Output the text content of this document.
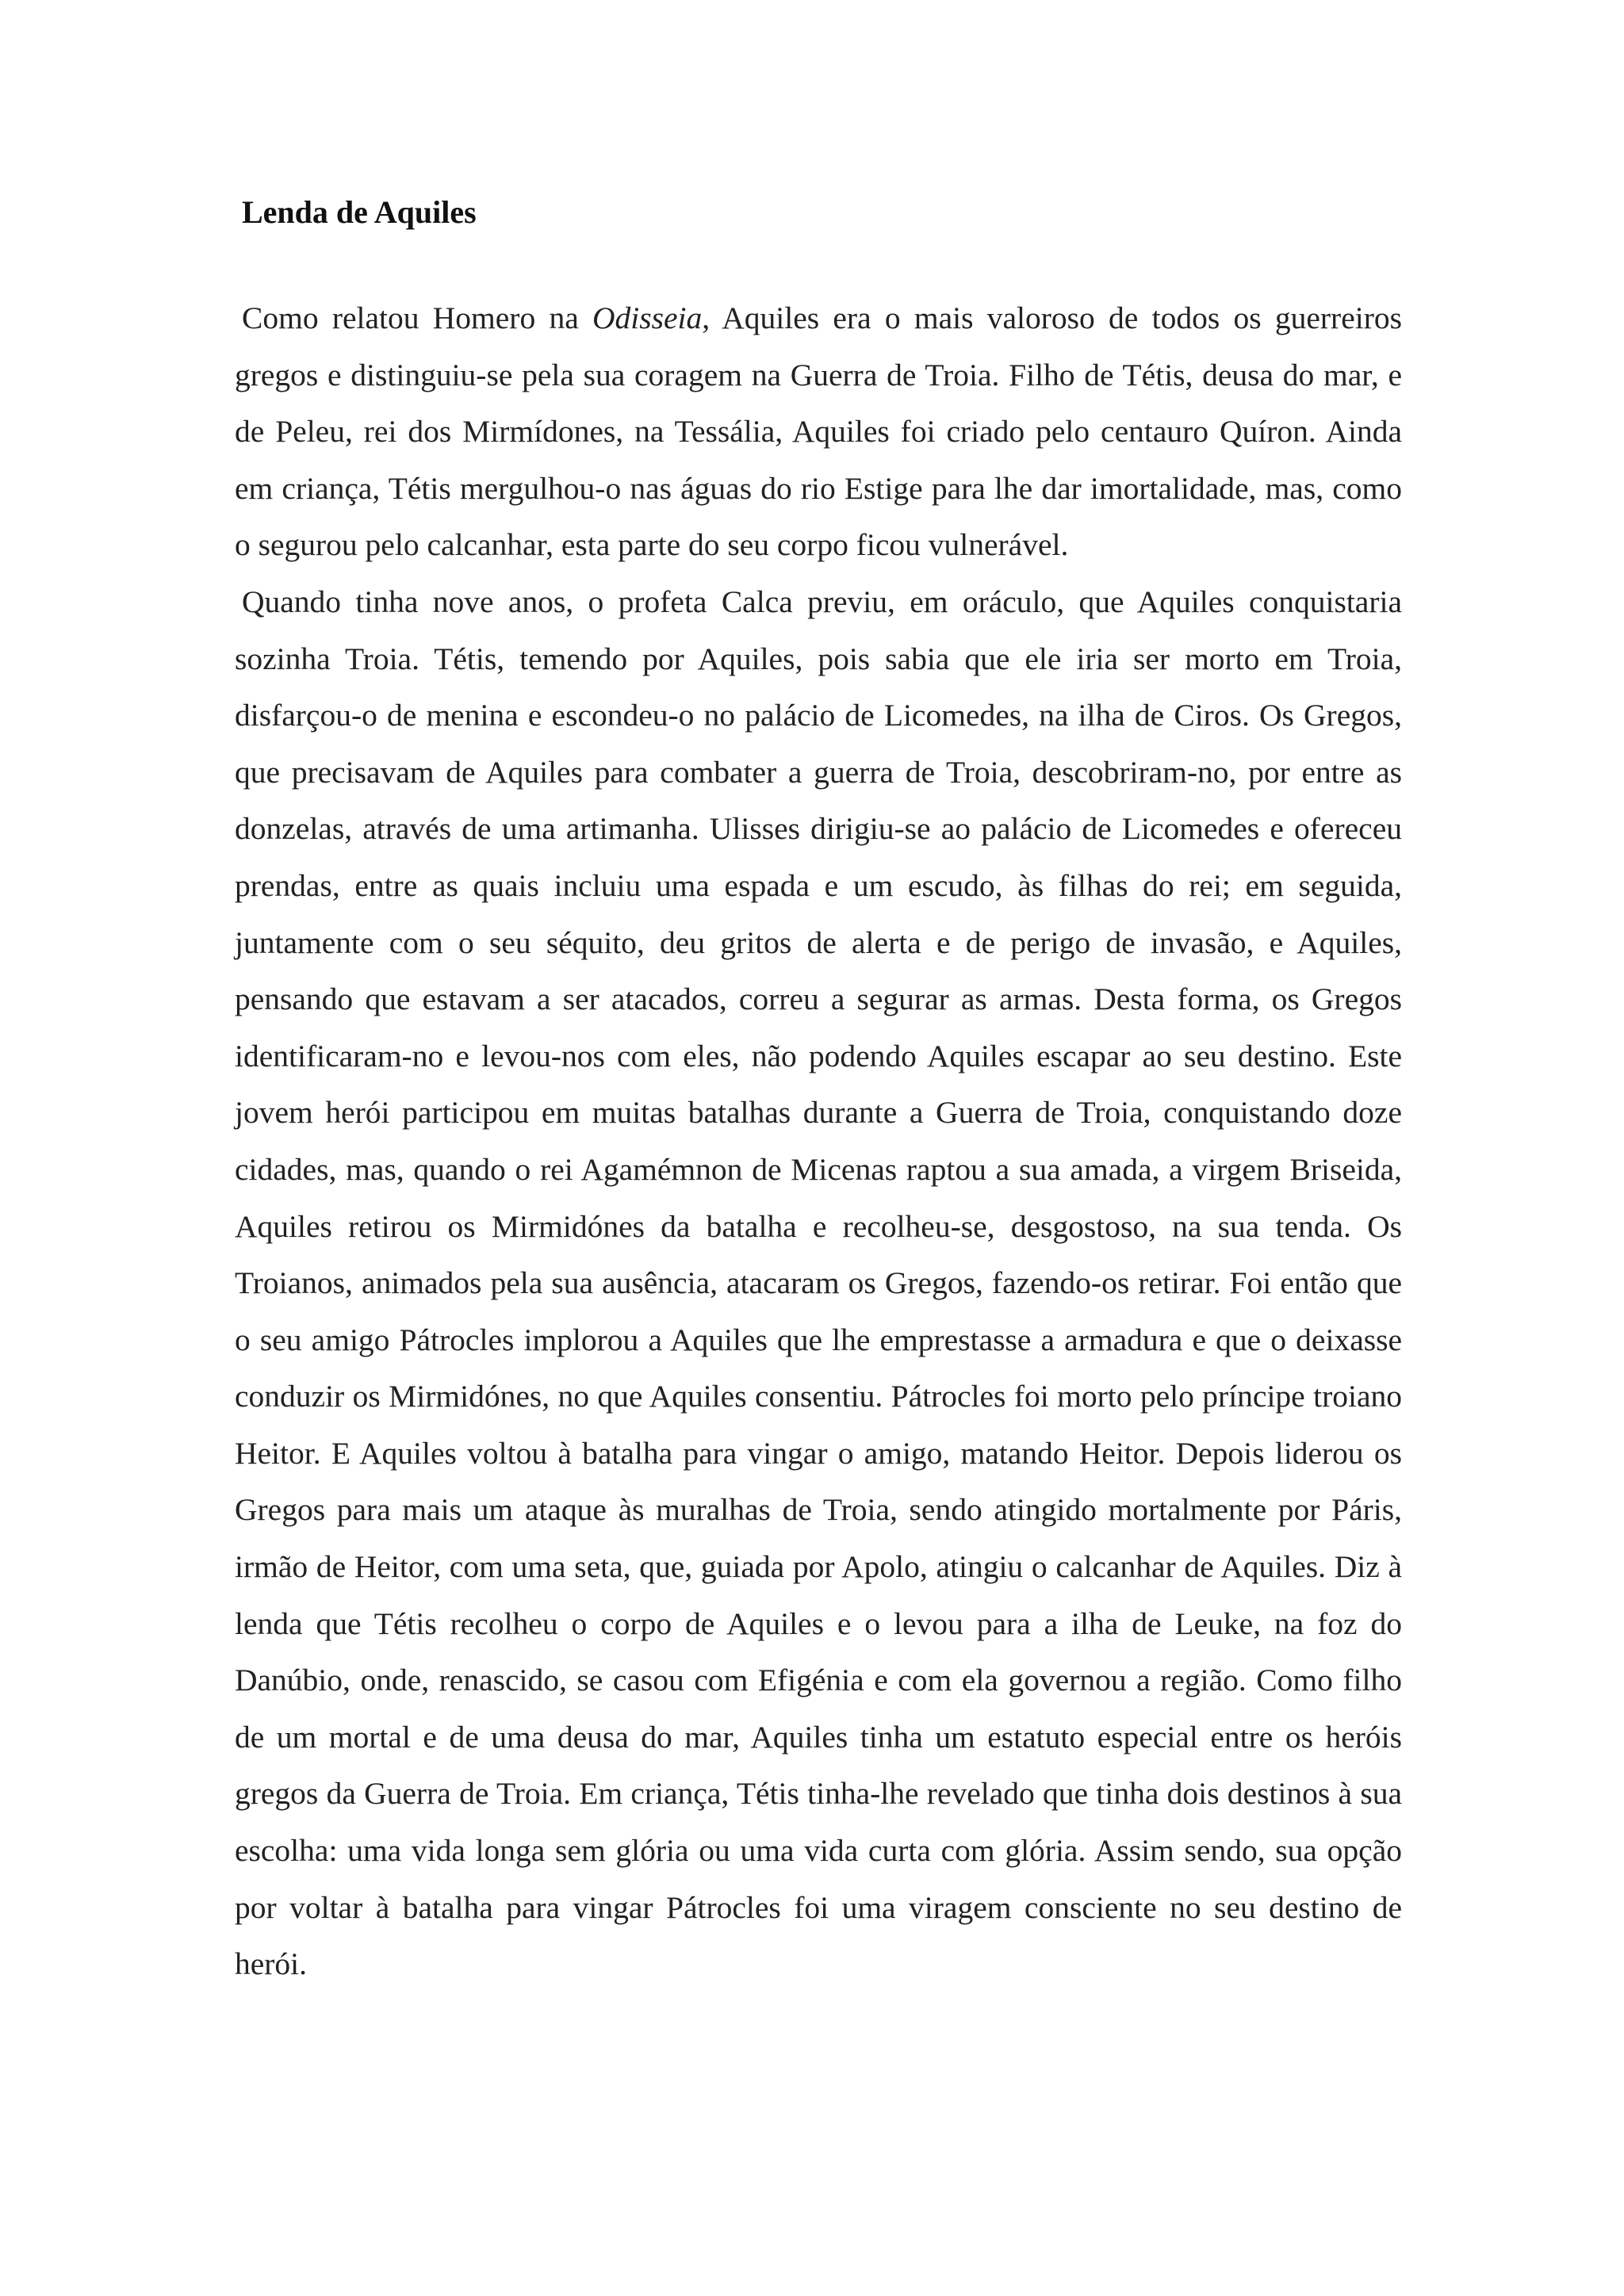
Lenda de Aquiles

Como relatou Homero na Odisseia, Aquiles era o mais valoroso de todos os guerreiros gregos e distinguiu-se pela sua coragem na Guerra de Troia. Filho de Tétis, deusa do mar, e de Peleu, rei dos Mirmídones, na Tessália, Aquiles foi criado pelo centauro Quíron. Ainda em criança, Tétis mergulhou-o nas águas do rio Estige para lhe dar imortalidade, mas, como o segurou pelo calcanhar, esta parte do seu corpo ficou vulnerável.

Quando tinha nove anos, o profeta Calca previu, em oráculo, que Aquiles conquistaria sozinha Troia. Tétis, temendo por Aquiles, pois sabia que ele iria ser morto em Troia, disfarçou-o de menina e escondeu-o no palácio de Licomedes, na ilha de Ciros. Os Gregos, que precisavam de Aquiles para combater a guerra de Troia, descobriram-no, por entre as donzelas, através de uma artimanha. Ulisses dirigiu-se ao palácio de Licomedes e ofereceu prendas, entre as quais incluiu uma espada e um escudo, às filhas do rei; em seguida, juntamente com o seu séquito, deu gritos de alerta e de perigo de invasão, e Aquiles, pensando que estavam a ser atacados, correu a segurar as armas. Desta forma, os Gregos identificaram-no e levou-nos com eles, não podendo Aquiles escapar ao seu destino. Este jovem herói participou em muitas batalhas durante a Guerra de Troia, conquistando doze cidades, mas, quando o rei Agamémnon de Micenas raptou a sua amada, a virgem Briseida, Aquiles retirou os Mirmidónes da batalha e recolheu-se, desgostoso, na sua tenda. Os Troianos, animados pela sua ausência, atacaram os Gregos, fazendo-os retirar. Foi então que o seu amigo Pátrocles implorou a Aquiles que lhe emprestasse a armadura e que o deixasse conduzir os Mirmidónes, no que Aquiles consentiu. Pátrocles foi morto pelo príncipe troiano Heitor. E Aquiles voltou à batalha para vingar o amigo, matando Heitor. Depois liderou os Gregos para mais um ataque às muralhas de Troia, sendo atingido mortalmente por Páris, irmão de Heitor, com uma seta, que, guiada por Apolo, atingiu o calcanhar de Aquiles. Diz à lenda que Tétis recolheu o corpo de Aquiles e o levou para a ilha de Leuke, na foz do Danúbio, onde, renascido, se casou com Efigénia e com ela governou a região. Como filho de um mortal e de uma deusa do mar, Aquiles tinha um estatuto especial entre os heróis gregos da Guerra de Troia. Em criança, Tétis tinha-lhe revelado que tinha dois destinos à sua escolha: uma vida longa sem glória ou uma vida curta com glória. Assim sendo, sua opção por voltar à batalha para vingar Pátrocles foi uma viragem consciente no seu destino de herói.
